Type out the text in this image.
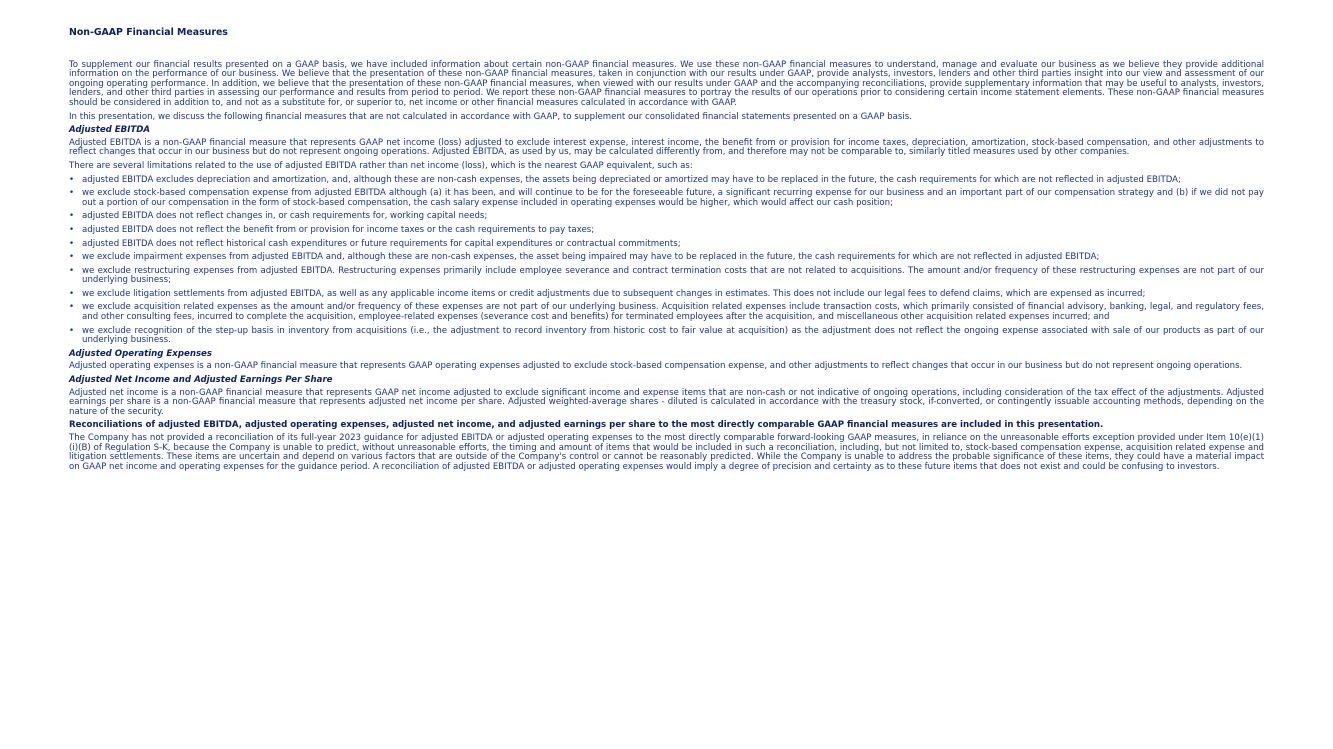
Non-GAAP Financial Measures

To supplement our financial results presented on a GAAP basis, we have included information about certain non-GAAP financial measures. We use these non-GAAP financial measures to understand, manage and evaluate our business as we believe they provide additional information on the performance of our business. We believe that the presentation of these non-GAAP financial measures, taken in conjunction with our results under GAAP, provide analysts, investors, lenders and other third parties insight into our view and assessment of our ongoing operating performance. In addition, we believe that the presentation of these non-GAAP financial measures, when viewed with our results under GAAP and the accompanying reconciliations, provide supplementary information that may be useful to analysts, investors, lenders, and other third parties in assessing our performance and results from period to period. We report these non-GAAP financial measures to portray the results of our operations prior to considering certain income statement elements. These non-GAAP financial measures should be considered in addition to, and not as a substitute for, or superior to, net income or other financial measures calculated in accordance with GAAP.

In this presentation, we discuss the following financial measures that are not calculated in accordance with GAAP, to supplement our consolidated financial statements presented on a GAAP basis.

Adjusted EBITDA

Adjusted EBITDA is a non-GAAP financial measure that represents GAAP net income (loss) adjusted to exclude interest expense, interest income, the benefit from or provision for income taxes, depreciation, amortization, stock-based compensation, and other adjustments to reflect changes that occur in our business but do not represent ongoing operations. Adjusted EBITDA, as used by us, may be calculated differently from, and therefore may not be comparable to, similarly titled measures used by other companies.

There are several limitations related to the use of adjusted EBITDA rather than net income (loss), which is the nearest GAAP equivalent, such as:

• adjusted EBITDA excludes depreciation and amortization, and, although these are non-cash expenses, the assets being depreciated or amortized may have to be replaced in the future, the cash requirements for which are not reflected in adjusted EBITDA;
• we exclude stock-based compensation expense from adjusted EBITDA although (a) it has been, and will continue to be for the foreseeable future, a significant recurring expense for our business and an important part of our compensation strategy and (b) if we did not pay out a portion of our compensation in the form of stock-based compensation, the cash salary expense included in operating expenses would be higher, which would affect our cash position;
• adjusted EBITDA does not reflect changes in, or cash requirements for, working capital needs;
• adjusted EBITDA does not reflect the benefit from or provision for income taxes or the cash requirements to pay taxes;
• adjusted EBITDA does not reflect historical cash expenditures or future requirements for capital expenditures or contractual commitments;
• we exclude impairment expenses from adjusted EBITDA and, although these are non-cash expenses, the asset being impaired may have to be replaced in the future, the cash requirements for which are not reflected in adjusted EBITDA;
• we exclude restructuring expenses from adjusted EBITDA. Restructuring expenses primarily include employee severance and contract termination costs that are not related to acquisitions. The amount and/or frequency of these restructuring expenses are not part of our underlying business;
• we exclude litigation settlements from adjusted EBITDA, as well as any applicable income items or credit adjustments due to subsequent changes in estimates. This does not include our legal fees to defend claims, which are expensed as incurred;
• we exclude acquisition related expenses as the amount and/or frequency of these expenses are not part of our underlying business. Acquisition related expenses include transaction costs, which primarily consisted of financial advisory, banking, legal, and regulatory fees, and other consulting fees, incurred to complete the acquisition, employee-related expenses (severance cost and benefits) for terminated employees after the acquisition, and miscellaneous other acquisition related expenses incurred; and
• we exclude recognition of the step-up basis in inventory from acquisitions (i.e., the adjustment to record inventory from historic cost to fair value at acquisition) as the adjustment does not reflect the ongoing expense associated with sale of our products as part of our underlying business.
Adjusted Operating Expenses

Adjusted operating expenses is a non-GAAP financial measure that represents GAAP operating expenses adjusted to exclude stock-based compensation expense, and other adjustments to reflect changes that occur in our business but do not represent ongoing operations.

Adjusted Net Income and Adjusted Earnings Per Share

Adjusted net income is a non-GAAP financial measure that represents GAAP net income adjusted to exclude significant income and expense items that are non-cash or not indicative of ongoing operations, including consideration of the tax effect of the adjustments. Adjusted earnings per share is a non-GAAP financial measure that represents adjusted net income per share. Adjusted weighted-average shares - diluted is calculated in accordance with the treasury stock, if-converted, or contingently issuable accounting methods, depending on the nature of the security.

Reconciliations of adjusted EBITDA, adjusted operating expenses, adjusted net income, and adjusted earnings per share to the most directly comparable GAAP financial measures are included in this presentation.

The Company has not provided a reconciliation of its full-year 2023 guidance for adjusted EBITDA or adjusted operating expenses to the most directly comparable forward-looking GAAP measures, in reliance on the unreasonable efforts exception provided under Item 10(e)(1)(i)(B) of Regulation S-K, because the Company is unable to predict, without unreasonable efforts, the timing and amount of items that would be included in such a reconciliation, including, but not limited to, stock-based compensation expense, acquisition related expense and litigation settlements. These items are uncertain and depend on various factors that are outside of the Company's control or cannot be reasonably predicted. While the Company is unable to address the probable significance of these items, they could have a material impact on GAAP net income and operating expenses for the guidance period. A reconciliation of adjusted EBITDA or adjusted operating expenses would imply a degree of precision and certainty as to these future items that does not exist and could be confusing to investors.
